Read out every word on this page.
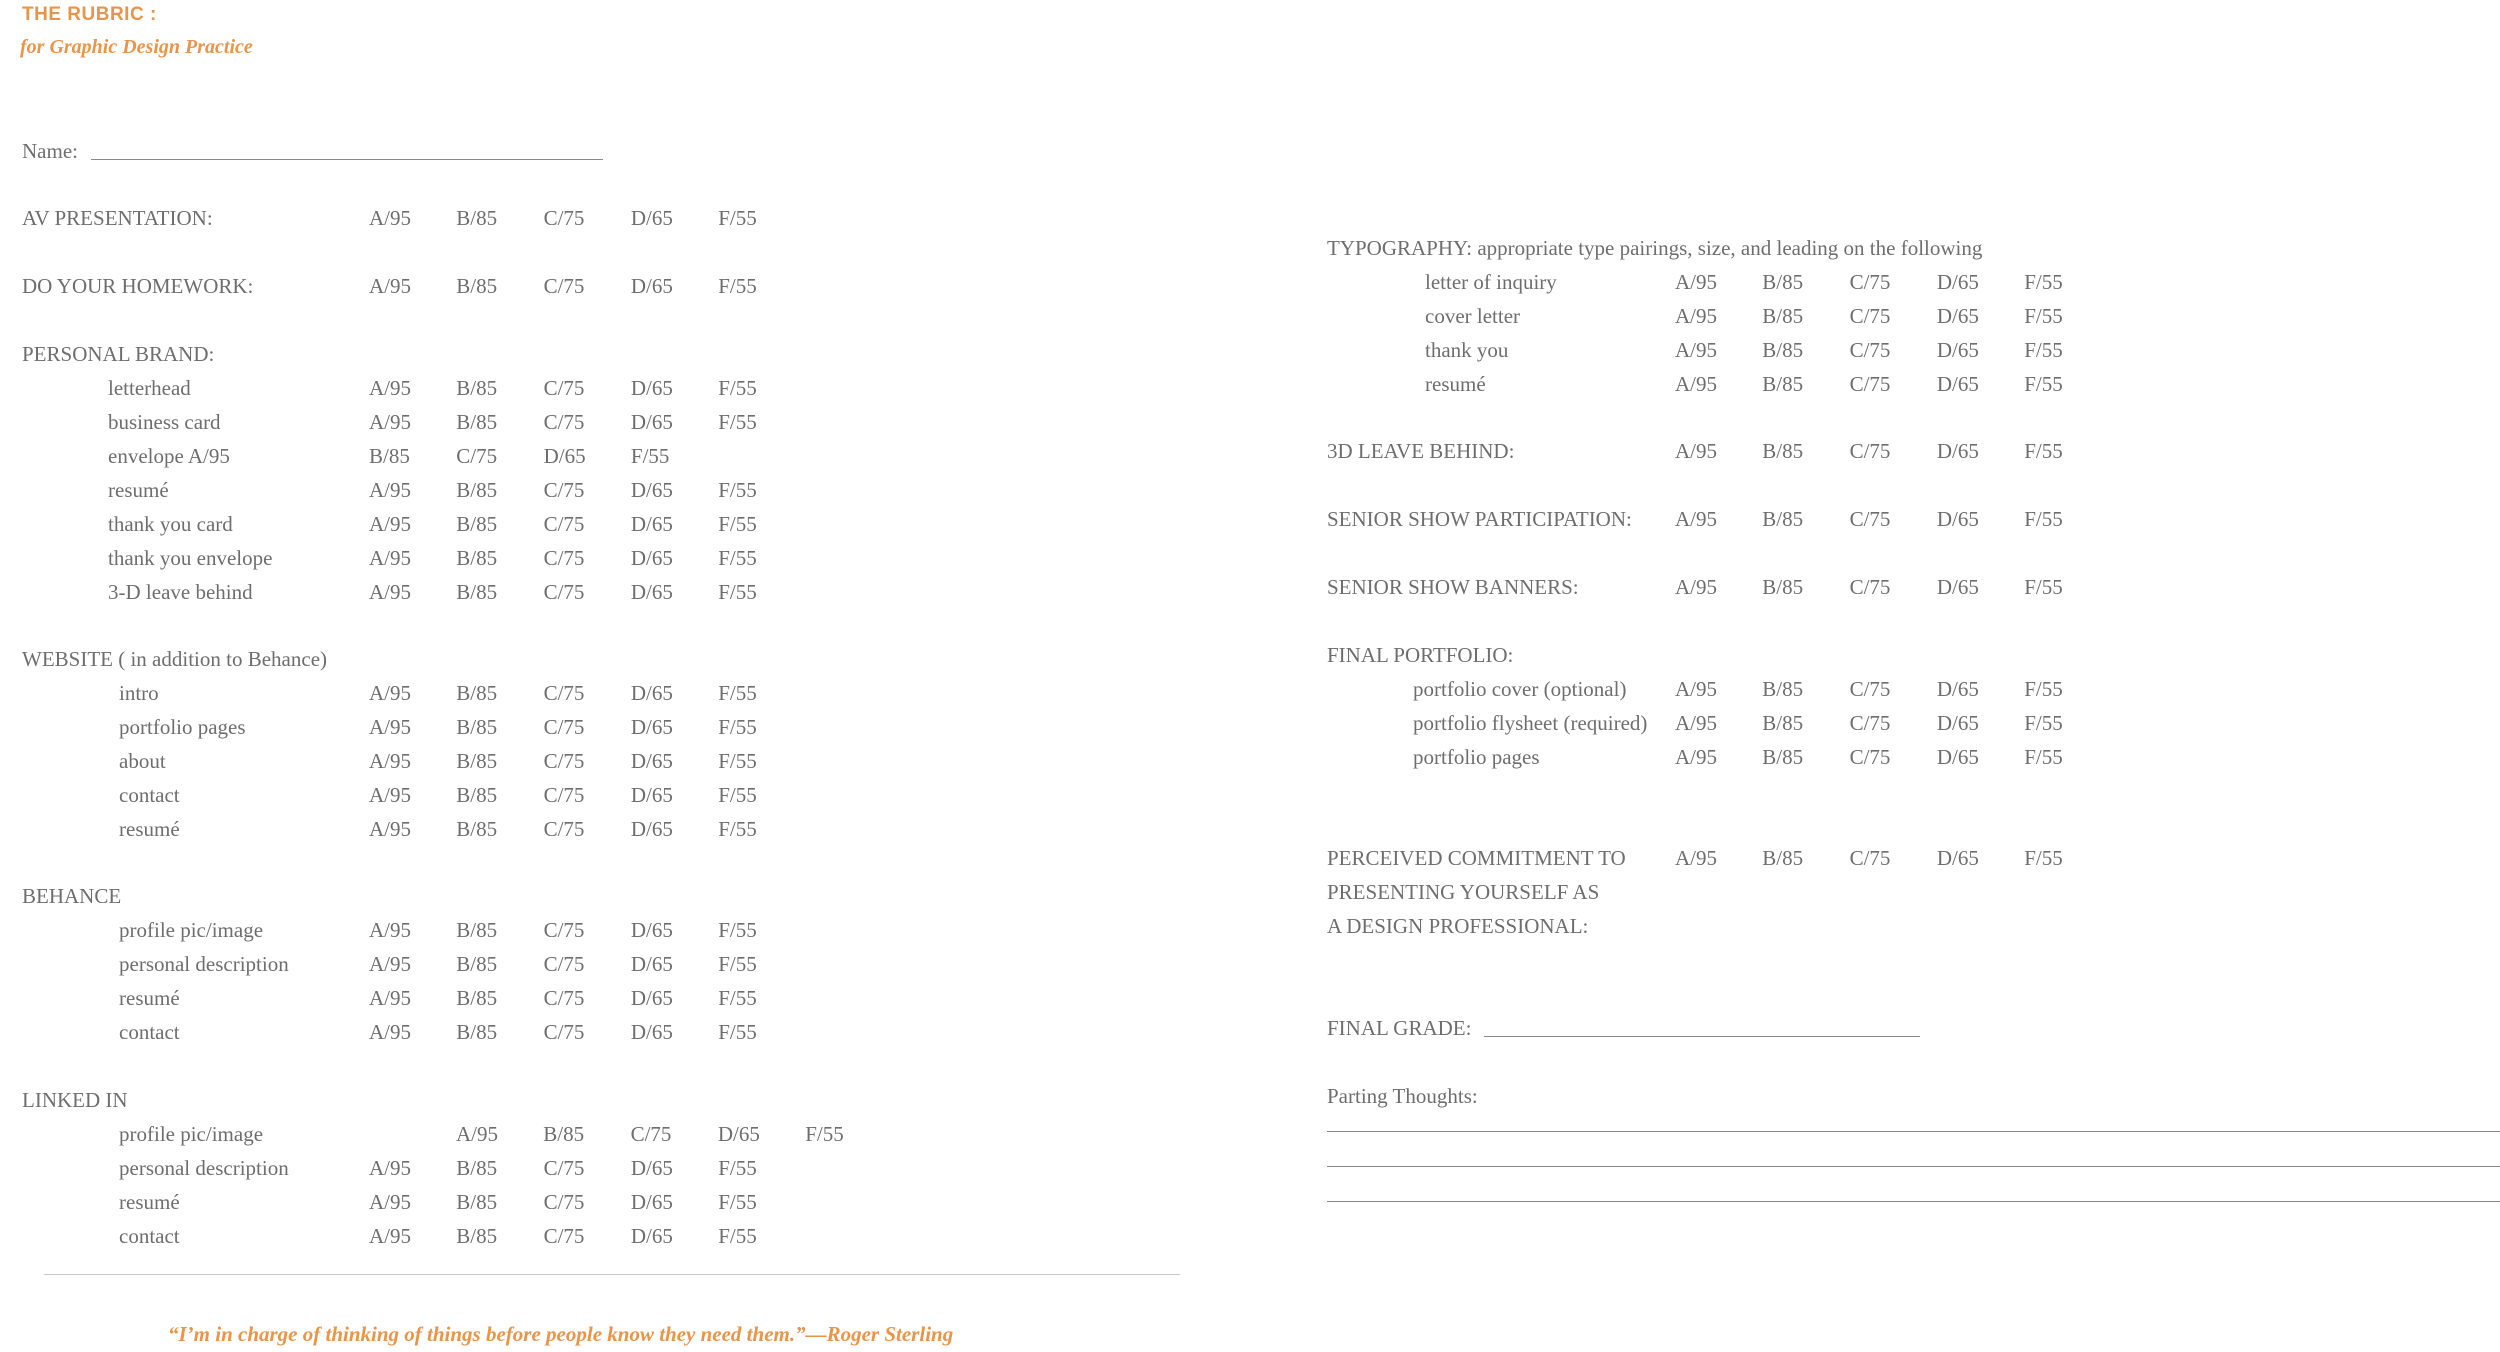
THE RUBRIC :
for Graphic Design Practice
Name:
AV PRESENTATION:	A/95 B/85 C/75 D/65 F/55
DO YOUR HOMEWORK:	A/95 B/85 C/75 D/65 F/55
PERSONAL BRAND:
letterhead	A/95 B/85 C/75 D/65 F/55
business card	A/95 B/85 C/75 D/65 F/55
envelope A/95	B/85 C/75 D/65 F/55
resumé	A/95 B/85 C/75 D/65 F/55
thank you card	A/95 B/85 C/75 D/65 F/55
thank you envelope	A/95 B/85 C/75 D/65 F/55
3-D leave behind	A/95 B/85 C/75 D/65 F/55
WEBSITE ( in addition to Behance)
intro	A/95 B/85 C/75 D/65 F/55
portfolio pages	A/95 B/85 C/75 D/65 F/55
about	A/95 B/85 C/75 D/65 F/55
contact	A/95 B/85 C/75 D/65 F/55
resumé	A/95 B/85 C/75 D/65 F/55
BEHANCE
profile pic/image	A/95 B/85 C/75 D/65 F/55
personal description	A/95 B/85 C/75 D/65 F/55
resumé	A/95 B/85 C/75 D/65 F/55
contact	A/95 B/85 C/75 D/65 F/55
LINKED IN
profile pic/image	A/95 B/85 C/75 D/65 F/55
personal description	A/95 B/85 C/75 D/65 F/55
resumé	A/95 B/85 C/75 D/65 F/55
contact	A/95 B/85 C/75 D/65 F/55
TYPOGRAPHY: appropriate type pairings, size, and leading on the following
letter of inquiry	A/95 B/85 C/75 D/65 F/55
cover letter	A/95 B/85 C/75 D/65 F/55
thank you	A/95 B/85 C/75 D/65 F/55
resumé	A/95 B/85 C/75 D/65 F/55
3D LEAVE BEHIND:	A/95 B/85 C/75 D/65 F/55
SENIOR SHOW PARTICIPATION: A/95 B/85 C/75 D/65 F/55
SENIOR SHOW BANNERS:	A/95 B/85 C/75 D/65 F/55
FINAL PORTFOLIO:
portfolio cover (optional) A/95 B/85 C/75 D/65 F/55
portfolio flysheet (required) A/95 B/85 C/75 D/65 F/55
portfolio pages	A/95 B/85 C/75 D/65 F/55
PERCEIVED COMMITMENT TO
PRESENTING YOURSELF AS
A DESIGN PROFESSIONAL:
A/95 B/85 C/75 D/65 F/55
FINAL GRADE:
Parting Thoughts:
“I’m in charge of thinking of things before people know they need them.”—Roger Sterling
